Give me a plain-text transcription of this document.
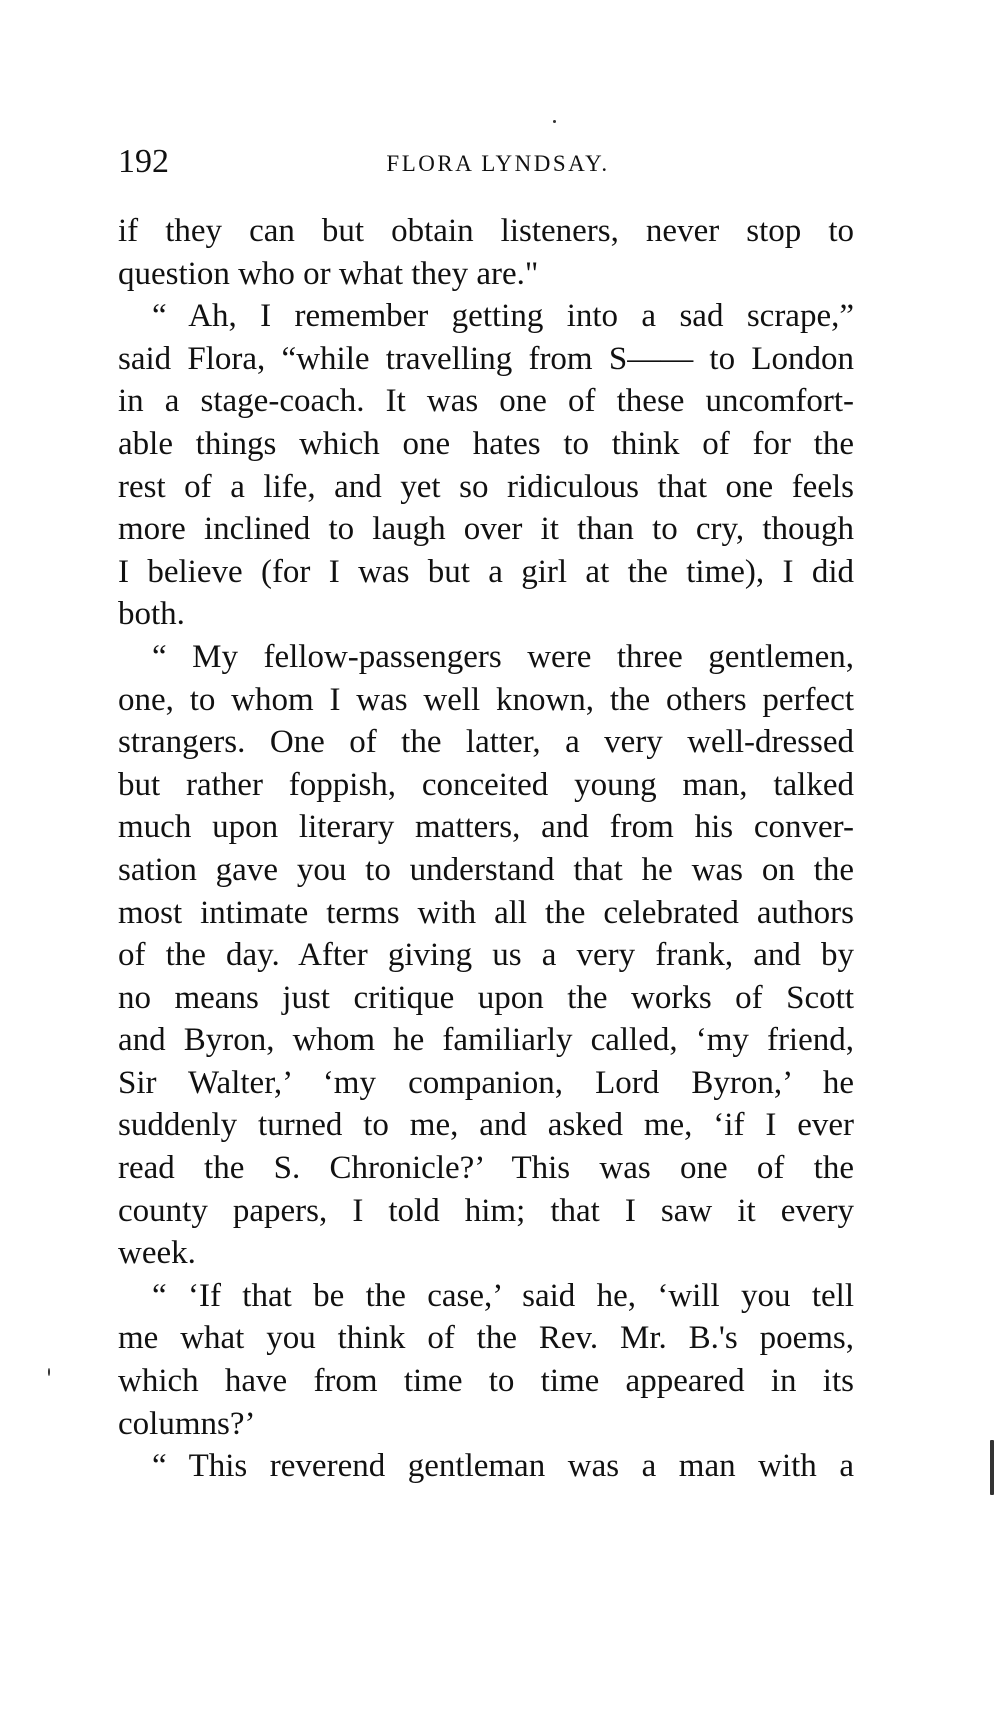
192	FLORA LYNDSAY.
if they can but obtain listeners, never stop to
question who or what they are."
“ Ah, I remember getting into a sad scrape,”
said Flora, “while travelling from S—— to London
in a stage-coach. It was one of these uncomfort-
able things which one hates to think of for the
rest of a life, and yet so ridiculous that one feels
more inclined to laugh over it than to cry, though
I believe (for I was but a girl at the time), I did
both.
“ My fellow-passengers were three gentlemen,
one, to whom I was well known, the others perfect
strangers. One of the latter, a very well-dressed
but rather foppish, conceited young man, talked
much upon literary matters, and from his conver-
sation gave you to understand that he was on the
most intimate terms with all the celebrated authors
of the day. After giving us a very frank, and by
no means just critique upon the works of Scott
and Byron, whom he familiarly called, ‘my friend,
Sir Walter,’ ‘my companion, Lord Byron,’ he
suddenly turned to me, and asked me, ‘if I ever
read the S. Chronicle?’ This was one of the
county papers, I told him; that I saw it every
week.
“ ‘If that be the case,’ said he, ‘will you tell
me what you think of the Rev. Mr. B.'s poems,
which have from time to time appeared in its
columns?’
“ This reverend gentleman was a man with a
